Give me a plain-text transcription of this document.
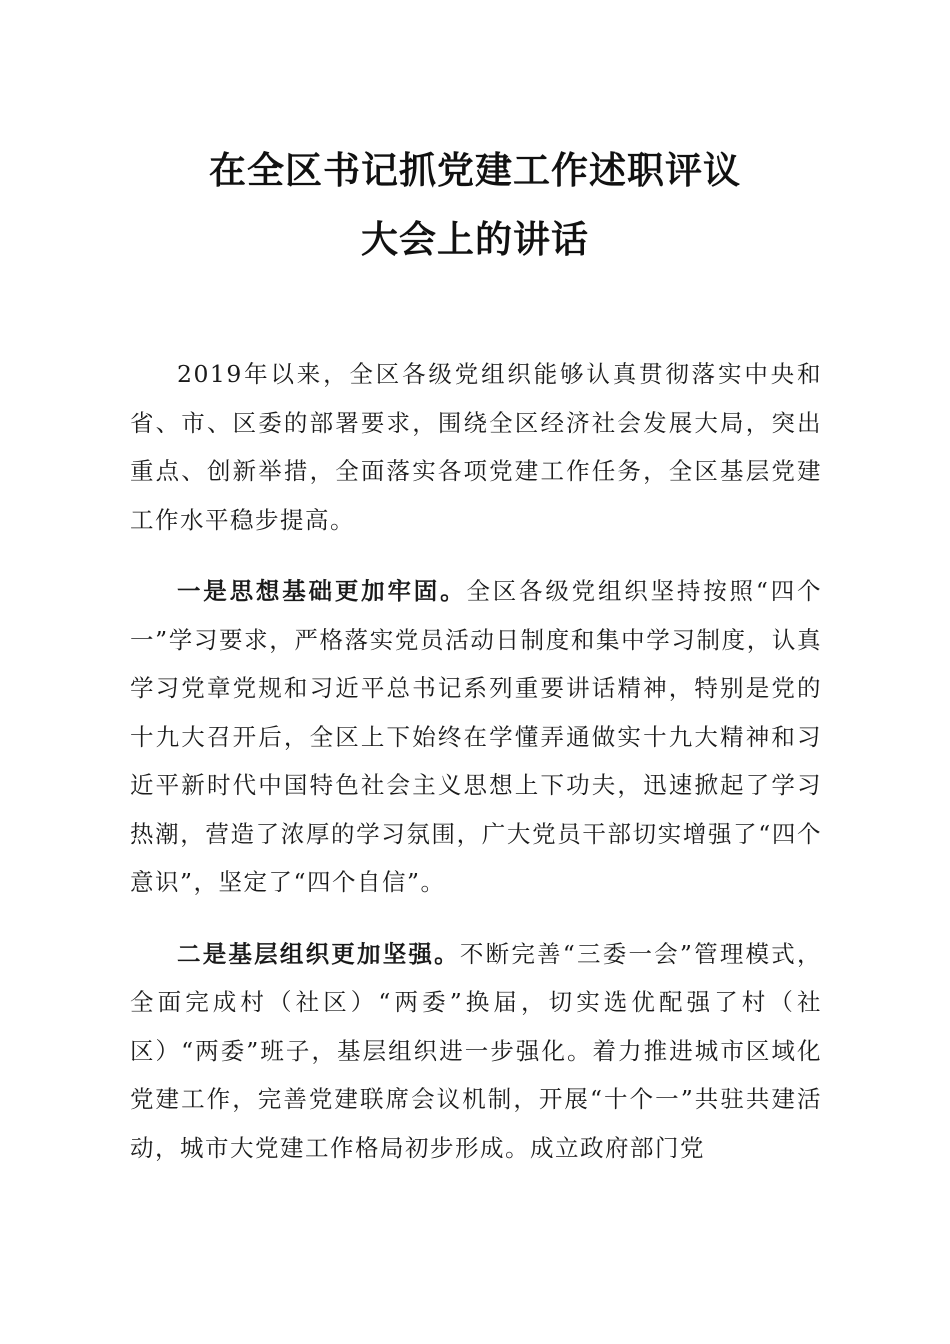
在全区书记抓党建工作述职评议
大会上的讲话

2019年以来，全区各级党组织能够认真贯彻落实中央和省、市、区委的部署要求，围绕全区经济社会发展大局，突出重点、创新举措，全面落实各项党建工作任务，全区基层党建工作水平稳步提高。

一是思想基础更加牢固。全区各级党组织坚持按照“四个一”学习要求，严格落实党员活动日制度和集中学习制度，认真学习党章党规和习近平总书记系列重要讲话精神，特别是党的十九大召开后，全区上下始终在学懂弄通做实十九大精神和习近平新时代中国特色社会主义思想上下功夫，迅速掀起了学习热潮，营造了浓厚的学习氛围，广大党员干部切实增强了“四个意识”，坚定了“四个自信”。

二是基层组织更加坚强。不断完善“三委一会”管理模式，全面完成村（社区）“两委”换届，切实选优配强了村（社区）“两委”班子，基层组织进一步强化。着力推进城市区域化党建工作，完善党建联席会议机制，开展“十个一”共驻共建活动，城市大党建工作格局初步形成。成立政府部门党
